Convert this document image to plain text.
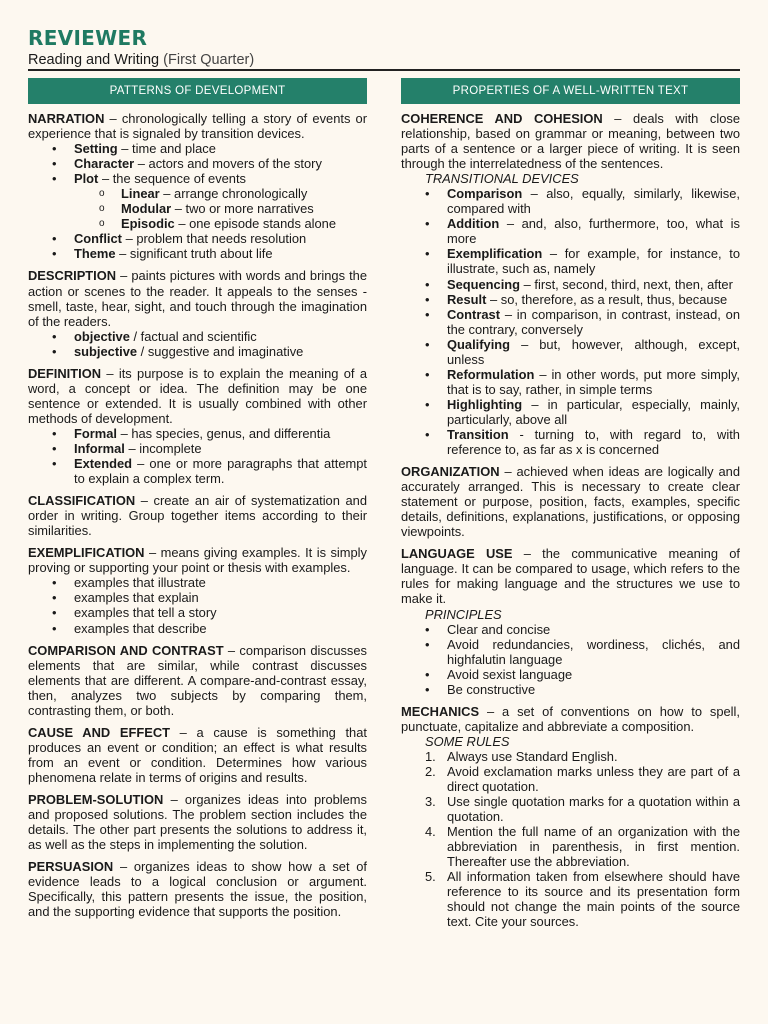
REVIEWER
Reading and Writing (First Quarter)
PATTERNS OF DEVELOPMENT

NARRATION – chronologically telling a story of events or experience that is signaled by transition devices.

• Setting – time and place
• Character – actors and movers of the story
• Plot – the sequence of events
o Linear – arrange chronologically
o Modular – two or more narratives
o Episodic – one episode stands alone
• Conflict – problem that needs resolution
• Theme – significant truth about life

DESCRIPTION – paints pictures with words and brings the action or scenes to the reader. It appeals to the senses -smell, taste, hear, sight, and touch through the imagination of the readers.

• objective / factual and scientific
• subjective / suggestive and imaginative

DEFINITION – its purpose is to explain the meaning of a word, a concept or idea. The definition may be one sentence or extended. It is usually combined with other methods of development.

• Formal – has species, genus, and differentia
• Informal – incomplete
• Extended – one or more paragraphs that attempt to explain a complex term.

CLASSIFICATION – create an air of systematization and order in writing. Group together items according to their similarities.

EXEMPLIFICATION – means giving examples. It is simply proving or supporting your point or thesis with examples.

• examples that illustrate
• examples that explain
• examples that tell a story
• examples that describe

COMPARISON AND CONTRAST – comparison discusses elements that are similar, while contrast discusses elements that are different. A compare-and-contrast essay, then, analyzes two subjects by comparing them, contrasting them, or both.

CAUSE AND EFFECT – a cause is something that produces an event or condition; an effect is what results from an event or condition. Determines how various phenomena relate in terms of origins and results.

PROBLEM-SOLUTION – organizes ideas into problems and proposed solutions. The problem section includes the details. The other part presents the solutions to address it, as well as the steps in implementing the solution.

PERSUASION – organizes ideas to show how a set of evidence leads to a logical conclusion or argument. Specifically, this pattern presents the issue, the position, and the supporting evidence that supports the position.

PROPERTIES OF A WELL-WRITTEN TEXT

COHERENCE AND COHESION – deals with close relationship, based on grammar or meaning, between two parts of a sentence or a larger piece of writing. It is seen through the interrelatedness of the sentences.

TRANSITIONAL DEVICES

• Comparison – also, equally, similarly, likewise, compared with
• Addition – and, also, furthermore, too, what is more
• Exemplification – for example, for instance, to illustrate, such as, namely
• Sequencing – first, second, third, next, then, after
• Result – so, therefore, as a result, thus, because
• Contrast – in comparison, in contrast, instead, on the contrary, conversely
• Qualifying – but, however, although, except, unless
• Reformulation – in other words, put more simply, that is to say, rather, in simple terms
• Highlighting – in particular, especially, mainly, particularly, above all
• Transition - turning to, with regard to, with reference to, as far as x is concerned

ORGANIZATION – achieved when ideas are logically and accurately arranged. This is necessary to create clear statement or purpose, position, facts, examples, specific details, definitions, explanations, justifications, or opposing viewpoints.

LANGUAGE USE – the communicative meaning of language. It can be compared to usage, which refers to the rules for making language and the structures we use to make it.

PRINCIPLES

• Clear and concise
• Avoid redundancies, wordiness, clichés, and highfalutin language
• Avoid sexist language
• Be constructive

MECHANICS – a set of conventions on how to spell, punctuate, capitalize and abbreviate a composition.

SOME RULES

1. Always use Standard English.
2. Avoid exclamation marks unless they are part of a direct quotation.
3. Use single quotation marks for a quotation within a quotation.
4. Mention the full name of an organization with the abbreviation in parenthesis, in first mention. Thereafter use the abbreviation.
5. All information taken from elsewhere should have reference to its source and its presentation form should not change the main points of the source text. Cite your sources.
